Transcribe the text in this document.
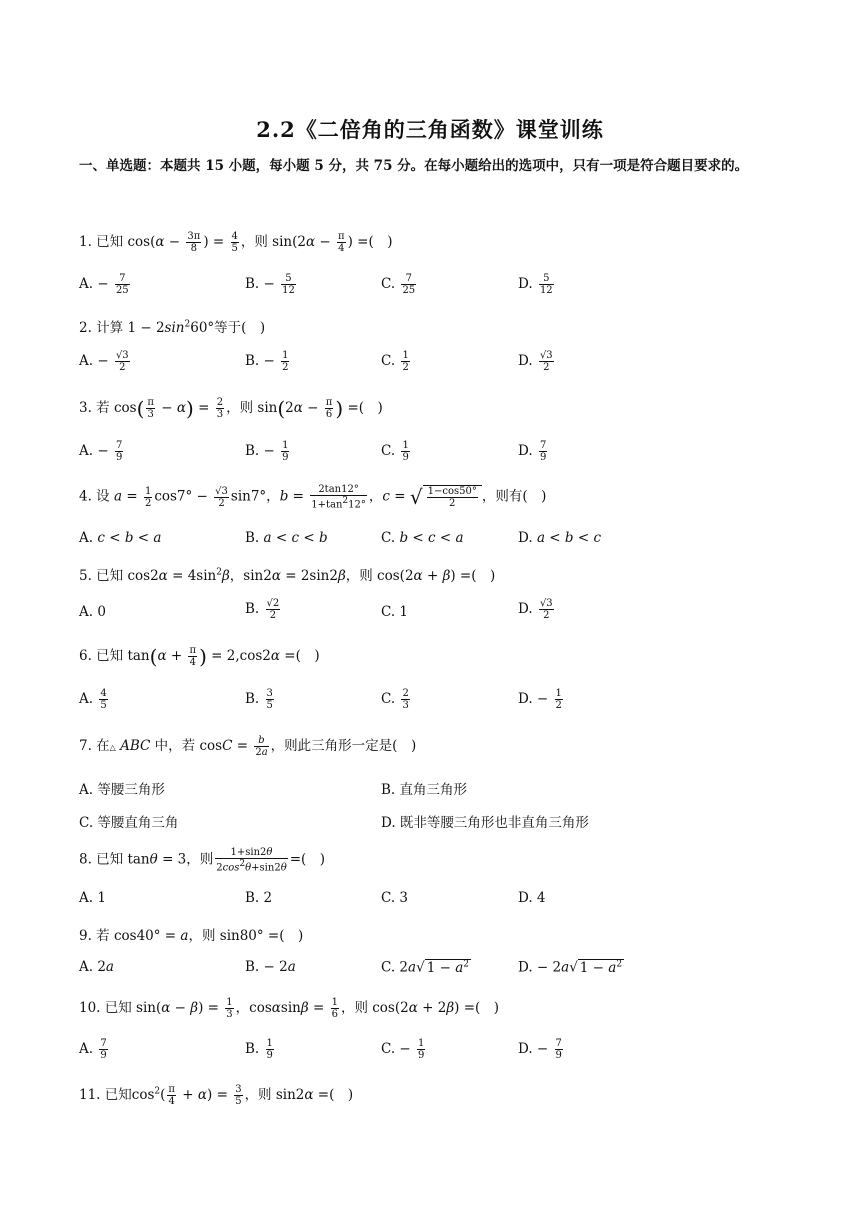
2.2《二倍角的三角函数》课堂训练
一、单选题：本题共 15 小题，每小题 5 分，共 75 分。在每小题给出的选项中，只有一项是符合题目要求的。
1. 已知 $\cos(\alpha - \frac{3\pi}{8}$ ) = $\frac{4}{5}$ ，则 $\sin(2\alpha - \frac{\pi}{4}$ ) =(　)
A. − $\frac{7}{25}$	B. − $\frac{5}{12}$	C. $\frac{7}{25}$	D. $\frac{5}{12}$
2. 计算 $1 - 2\sin^260^\circ$等于(　)
A. − $\frac{√3}{2}$	B. − $\frac{1}{2}$	C. $\frac{1}{2}$	D. $\frac{√3}{2}$
3. 若 $\cos( \frac{\pi}{3} - \alpha) = \frac{2}{3}$ ，则 $\sin(2\alpha - \frac{\pi}{6}$ ) =(　)
A. − $\frac{7}{9}$	B. − $\frac{1}{9}$	C. $\frac{1}{9}$	D. $\frac{7}{9}$
4. 设 $a = \frac{1}{2} \cos 7^\circ - \frac{√3}{2} \sin 7^\circ$，$b = \frac{2\tan 12^\circ}{1+\tan^212^\circ}$ ，c = √ $\frac{1-\cos 50^\circ}{2}$ ，则有(　)
A. c < b < a	B. a < c < b	C. b < c < a	D. a < b < c
5. 已知 $\cos 2\alpha = 4\sin^2\beta$，sin2α = 2sin2β，则 cos(2α + β) =(　)
A. 0	B. $\frac{√2}{2}$	C. 1	D. $\frac{√3}{2}$
6. 已知 $\tan(\alpha + \frac{\pi}{4}$ ) = 2,cos2α =(　)
A. $\frac{4}{5}$	B. $\frac{3}{5}$	C. $\frac{2}{3}$	D. − $\frac{1}{2}$
7. 在△ ABC 中，若 $\cos C = \frac{b}{2a}$ ，则此三角形一定是(　)
A. 等腰三角形	B. 直角三角形
C. 等腰直角三角	D. 既非等腰三角形也非直角三角形
8. 已知 tanθ = 3，则 $\frac{1+\sin 2\theta}{2\cos^2\theta+\sin 2\theta}$ =(　)
A. 1	B. 2	C. 3	D. 4
9. 若 cos40° = a，则 sin80° =(　)
A. 2a	B. − 2a	C. 2a√ $1 - a^2$	D. − 2a√ $1 - a^2$
10. 已知 $\sin(\alpha - \beta) = \frac{1}{3}$ ，$\cos\alpha\sin\beta = \frac{1}{6}$ ，则 cos(2α + 2β) =(　)
A. $\frac{7}{9}$	B. $\frac{1}{9}$	C. − $\frac{1}{9}$	D. − $\frac{7}{9}$
11. 已知$\cos^2( \frac{\pi}{4} + \alpha) = \frac{3}{5}$ ，则 sin2α =(　)
